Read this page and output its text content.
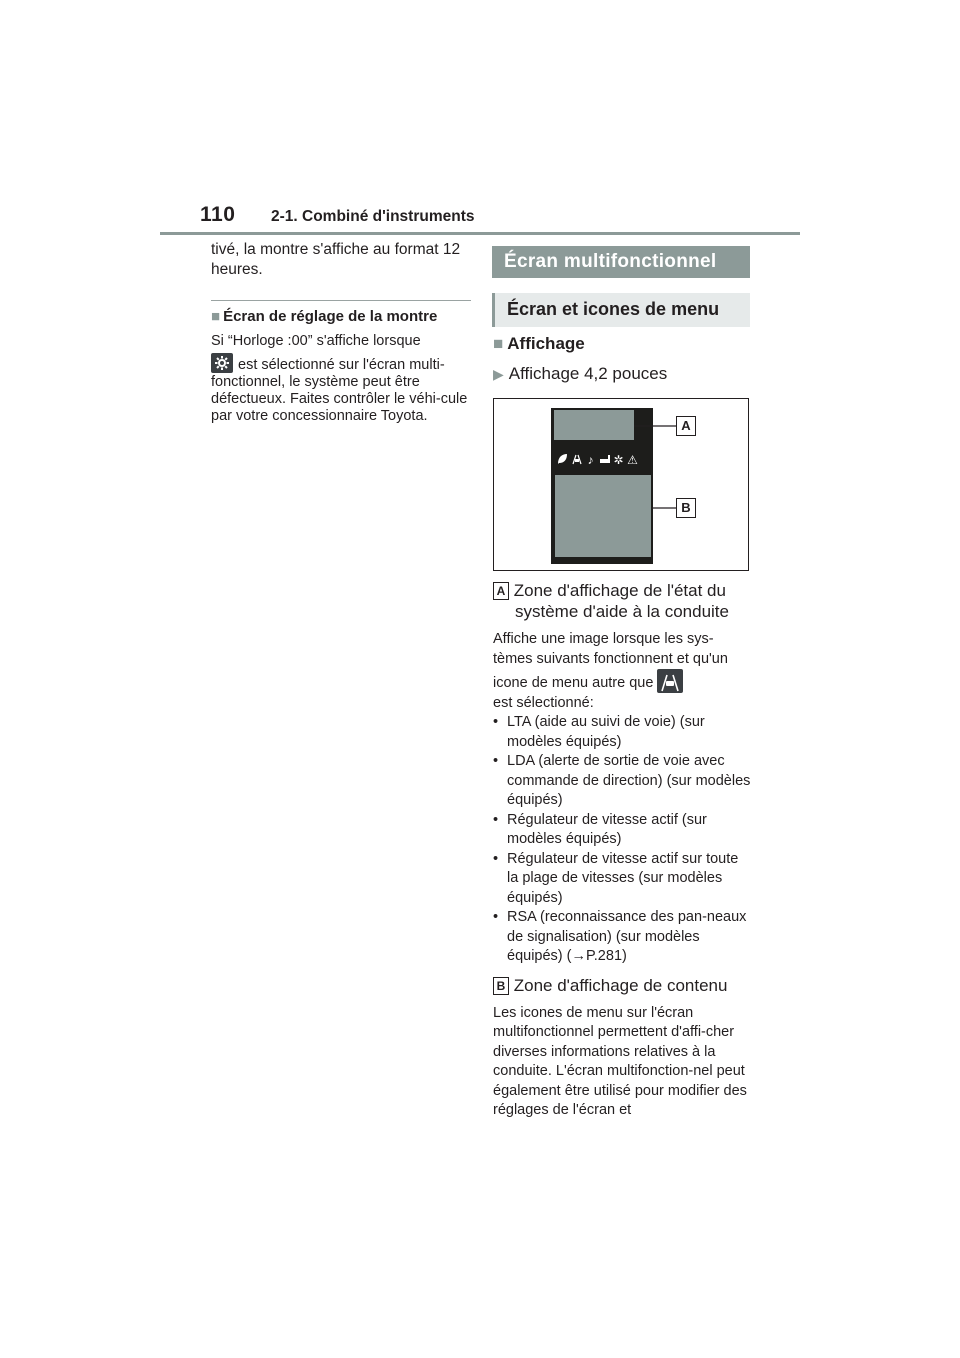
110 2-1. Combiné d'instruments

tivé, la montre s'affiche au format 12 heures.

■ Écran de réglage de la montre

Si “Horloge :00” s'affiche lorsque

est sélectionné sur l'écran multi-fonctionnel, le système peut être défectueux. Faites contrôler le véhi-cule par votre concessionnaire Toyota.

Écran multifonctionnel
Écran et icones de menu
■ Affichage
▶ Affichage 4,2 pouces
♪ ✲ ⚠
A
B
A Zone d'affichage de l'état du
système d'aide à la conduite
Affiche une image lorsque les sys-tèmes suivants fonctionnent et qu'un icone de menu autre que
est sélectionné:
• LTA (aide au suivi de voie) (sur modèles équipés)
• LDA (alerte de sortie de voie avec commande de direction) (sur modèles équipés)
• Régulateur de vitesse actif (sur modèles équipés)
• Régulateur de vitesse actif sur toute la plage de vitesses (sur modèles équipés)
• RSA (reconnaissance des pan-neaux de signalisation) (sur modèles équipés) (→P.281)
B Zone d'affichage de contenu
Les icones de menu sur l'écran multifonctionnel permettent d'affi-cher diverses informations relatives à la conduite. L'écran multifonction-nel peut également être utilisé pour modifier des réglages de l'écran et
